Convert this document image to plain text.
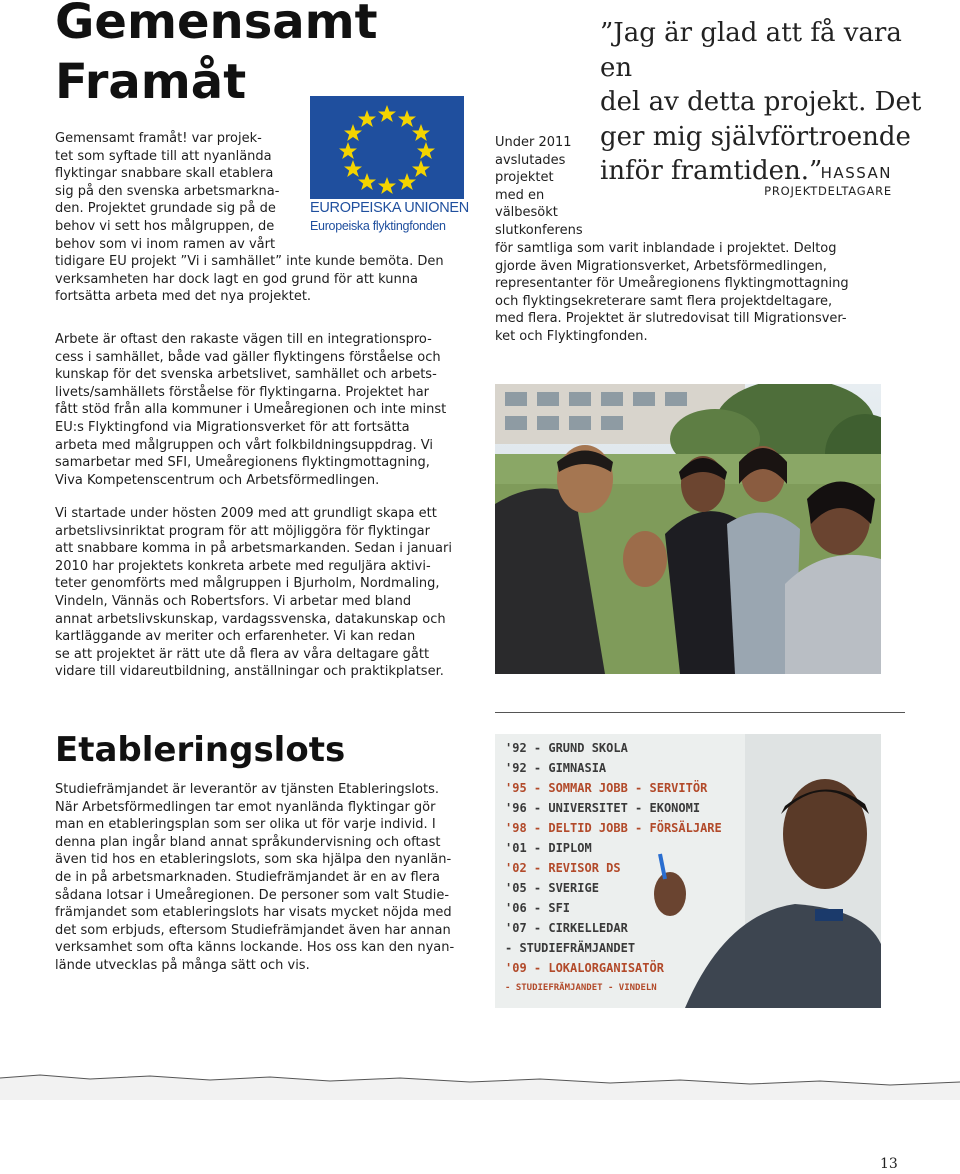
Gemensamt
Framåt
EUROPEISKA UNIONEN
Europeiska flyktingfonden
Gemensamt framåt! var projek-
tet som syftade till att nyanlända
flyktingar snabbare skall etablera
sig på den svenska arbetsmarkna-
den. Projektet grundade sig på de
behov vi sett hos målgruppen, de
behov som vi inom ramen av vårt
tidigare EU projekt ”Vi i samhället” inte kunde bemöta. Den
verksamheten har dock lagt en god grund för att kunna
fortsätta arbeta med det nya projektet.
Arbete är oftast den rakaste vägen till en integrationspro-
cess i samhället, både vad gäller flyktingens förståelse och
kunskap för det svenska arbetslivet, samhället och arbets-
livets/samhällets förståelse för flyktingarna. Projektet har
fått stöd från alla kommuner i Umeåregionen och inte minst
EU:s Flyktingfond via Migrationsverket för att fortsätta
arbeta med målgruppen och vårt folkbildningsuppdrag. Vi
samarbetar med SFI, Umeåregionens flyktingmottagning,
Viva Kompetenscentrum och Arbetsförmedlingen.
Vi startade under hösten 2009 med att grundligt skapa ett
arbetslivsinriktat program för att möjliggöra för flyktingar
att snabbare komma in på arbetsmarkanden. Sedan i januari
2010 har projektets konkreta arbete med reguljära aktivi-
teter genomförts med målgruppen i Bjurholm, Nordmaling,
Vindeln, Vännäs och Robertsfors. Vi arbetar med bland
annat arbetslivskunskap, vardagssvenska, datakunskap och
kartläggande av meriter och erfarenheter. Vi kan redan
se att projektet är rätt ute då flera av våra deltagare gått
vidare till vidareutbildning, anställningar och praktikplatser.
”Jag är glad att få vara en
del av detta projekt. Det
ger mig självförtroende
inför framtiden.”
HASSAN
PROJEKTDELTAGARE
Under 2011
avslutades
projektet
med en
välbesökt
slutkonferens
för samtliga som varit inblandade i projektet. Deltog
gjorde även Migrationsverket, Arbetsförmedlingen,
representanter för Umeåregionens flyktingmottagning
och flyktingsekreterare samt flera projektdeltagare,
med flera. Projektet är slutredovisat till Migrationsver-
ket och Flyktingfonden.
Etableringslots
Studiefrämjandet är leverantör av tjänsten Etableringslots.
När Arbetsförmedlingen tar emot nyanlända flyktingar gör
man en etableringsplan som ser olika ut för varje individ. I
denna plan ingår bland annat språkundervisning och oftast
även tid hos en etableringslots, som ska hjälpa den nyanlän-
de in på arbetsmarknaden. Studiefrämjandet är en av flera
sådana lotsar i Umeåregionen. De personer som valt Studie-
främjandet som etableringslots har visats mycket nöjda med
det som erbjuds, eftersom Studiefrämjandet även har annan
verksamhet som ofta känns lockande. Hos oss kan den nyan-
lände utvecklas på många sätt och vis.
'92 - GRUND SKOLA
'92 - GIMNASIA
'95 - SOMMAR JOBB - SERVITÖR
'96 - UNIVERSITET - EKONOMI
'98 - DELTID JOBB - FÖRSÄLJARE
'01 - DIPLOM
'02 - REVISOR DS
'05 - SVERIGE
'06 - SFI
'07 - CIRKELLEDAR
- STUDIEFRÄMJANDET
'09 - LOKALORGANISATÖR
- STUDIEFRÄMJANDET - VINDELN
13
